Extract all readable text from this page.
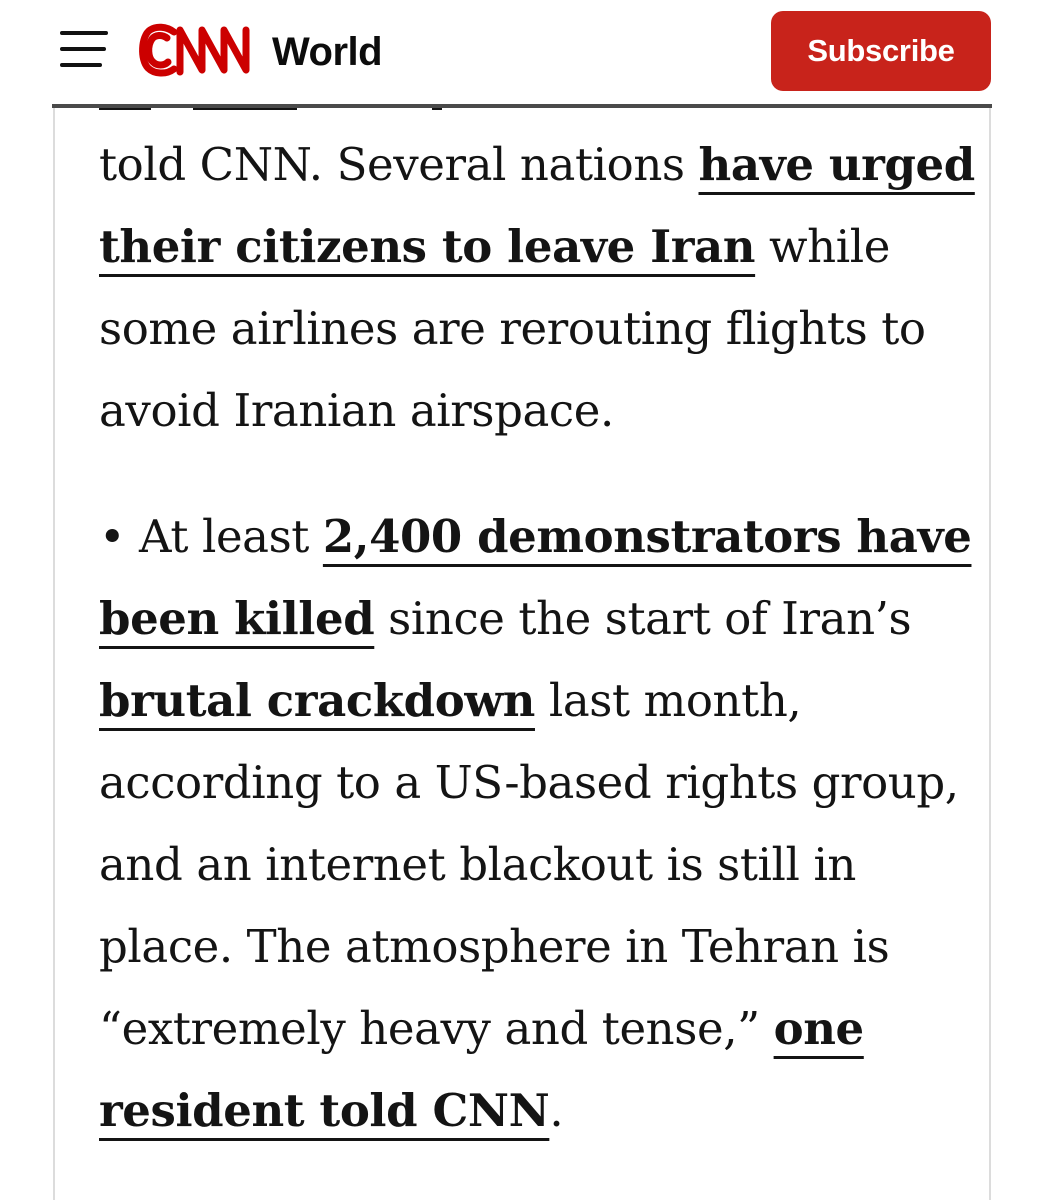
CNN
World	Subscribe

told CNN. Several nations have urged their citizens to leave Iran while some airlines are rerouting flights to avoid Iranian airspace.

• At least 2,400 demonstrators have been killed since the start of Iran’s brutal crackdown last month, according to a US-based rights group, and an internet blackout is still in place. The atmosphere in Tehran is “extremely heavy and tense,” one resident told CNN.
